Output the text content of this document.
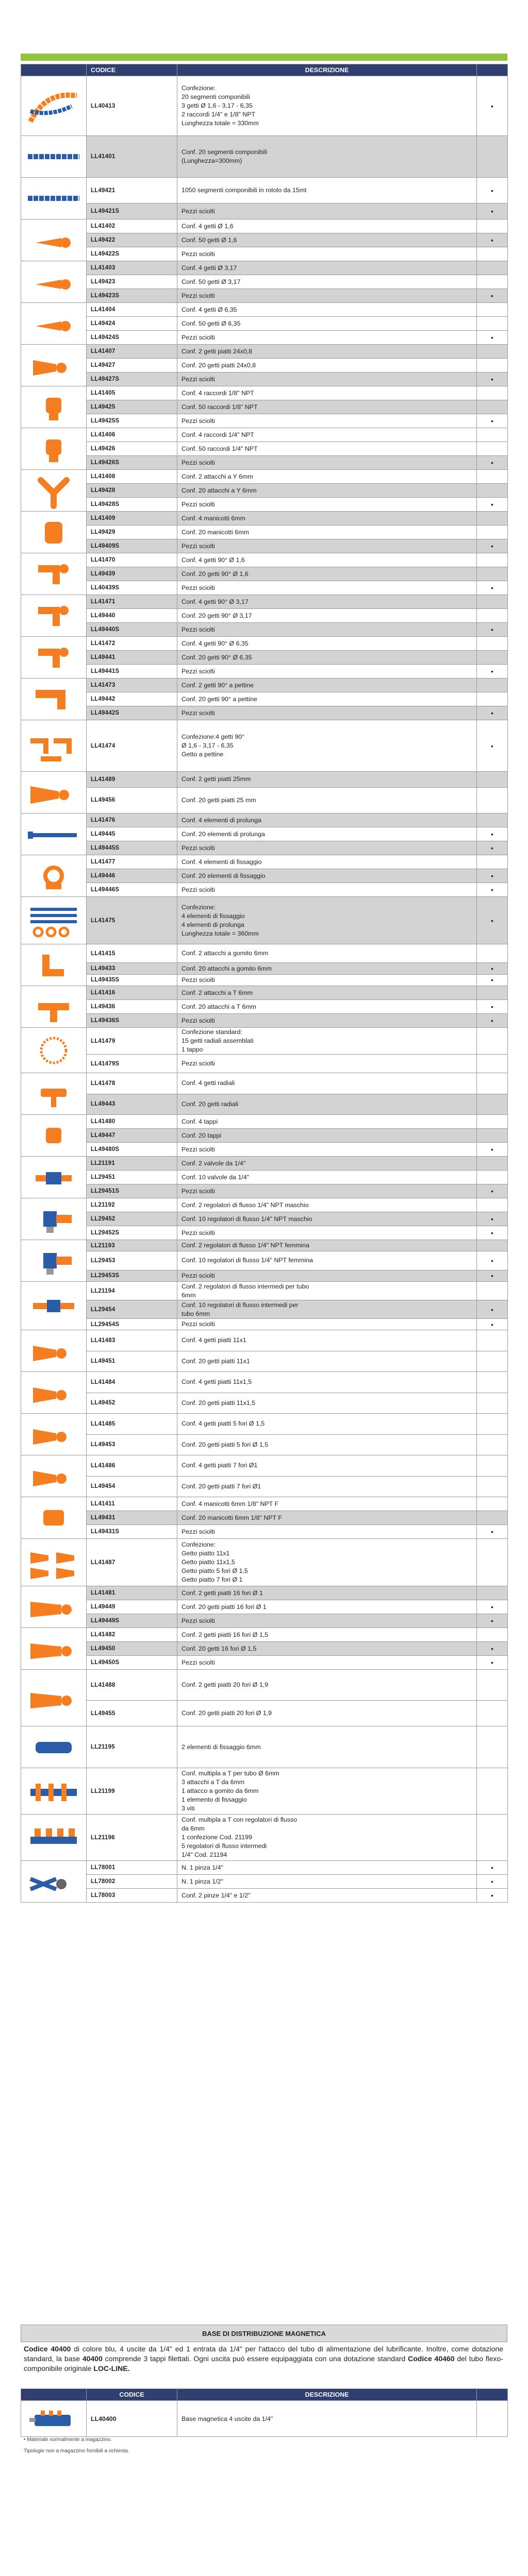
	CODICE	DESCRIZIONE	

	LL40413	Confezione:
20 segmenti componibili
3 getti Ø 1,6 - 3,17 - 6,35
2 raccordi 1/4" e 1/8" NPT
Lunghezza totale = 330mm	•

	LL41401	Conf. 20 segmenti componibili
(Lunghezza=300mm)	

	LL49421	1050 segmenti componibili in rotolo da 15mt	•
	LL49421S	Pezzi sciolti	•

	LL41402	Conf. 4 getti Ø 1,6	
	LL49422	Conf. 50 getti Ø 1,6	•
	LL49422S	Pezzi sciolti	

	LL41403	Conf. 4 getti Ø 3,17	
	LL49423	Conf. 50 getti Ø 3,17	
	LL49423S	Pezzi sciolti	•

	LL41404	Conf. 4 getti Ø 6,35	
	LL49424	Conf. 50 getti Ø 6,35	
	LL49424S	Pezzi sciolti	•

	LL41407	Conf. 2 getti piatti 24x0,8	
	LL49427	Conf. 20 getti piatti 24x0,8	
	LL49427S	Pezzi sciolti	•

	LL41405	Conf. 4 raccordi 1/8" NPT	
	LL49425	Conf. 50 raccordi 1/8" NPT	
	LL49425S	Pezzi sciolti	•

	LL41406	Conf. 4 raccordi 1/4" NPT	
	LL49426	Conf. 50 raccordi 1/4" NPT	
	LL49426S	Pezzi sciolti	•

	LL41408	Conf. 2 attacchi a Y 6mm	
	LL49428	Conf. 20 attacchi a Y 6mm	
	LL49428S	Pezzi sciolti	•

	LL41409	Conf. 4 manicotti 6mm	
	LL49429	Conf. 20 manicotti 6mm	
	LL49409S	Pezzi sciolti	•

	LL41470	Conf. 4 getti 90° Ø 1,6	
	LL49439	Conf. 20 getti 90° Ø 1,6	
	LL40439S	Pezzi sciolti	•

	LL41471	Conf. 4 getti 90° Ø 3,17	
	LL49440	Conf. 20 getti 90° Ø 3,17	
	LL49440S	Pezzi sciolti	•

	LL41472	Conf. 4 getti 90° Ø 6,35	
	LL49441	Conf. 20 getti 90° Ø 6,35	
	LL49441S	Pezzi sciolti	•

	LL41473	Conf. 2 getti 90° a pettine	
	LL49442	Conf. 20 getti 90° a pettine	
	LL49442S	Pezzi sciolti	•

	LL41474	Confezione:4 getti 90°
Ø 1,6 - 3,17 - 6,35
Getto a pettine	•

	LL41489	Conf. 2 getti piatti 25mm	
	LL49456	Conf. 20 getti piatti 25 mm	

	LL41476	Conf. 4 elementi di prolunga	
	LL49445	Conf. 20 elementi di prolunga	•
	LL49445S	Pezzi sciolti	•

	LL41477	Conf. 4 elementi di fissaggio	
	LL49446	Conf. 20 elementi di fissaggio	•
	LL49446S	Pezzi sciolti	•

	LL41475	Confezione:
4 elementi di fissaggio
4 elementi di prolunga
Lunghezza totale = 360mm	•

	LL41415	Conf. 2 attacchi a gomito 6mm	
	LL49433	Conf. 20 attacchi a gomito 6mm	•
	LL49435S	Pezzi sciolti	•

	LL41416	Conf. 2 attacchi a T 6mm	
	LL49436	Conf. 20 attacchi a T 6mm	•
	LL49436S	Pezzi sciolti	•

	LL41479	Confezione standard:
15 getti radiali assemblati
1 tappo	
	LL41479S	Pezzi sciolti	

	LL41478	Conf. 4 getti radiali	
	LL49443	Conf. 20 getti radiali	

	LL41480	Conf. 4 tappi	
	LL49447	Conf. 20 tappi	
	LL49480S	Pezzi sciolti	•

	LL21191	Conf. 2 valvole da 1/4"	
	LL29451	Conf. 10 valvole da 1/4"	
	LL29451S	Pezzi sciolti	•

	LL21192	Conf. 2 regolatori di flusso 1/4" NPT maschio	
	LL29452	Conf. 10 regolatori di flusso 1/4" NPT maschio	•
	LL29452S	Pezzi sciolti	•

	LL21193	Conf. 2 regolatori di flusso 1/4" NPT femmina	
	LL29453	Conf. 10 regolatori di flusso 1/4" NPT femmina	•
	LL29453S	Pezzi sciolti	•

	LL21194	Conf. 2 regolatori di flusso intermedi per tubo
6mm	
	LL29454	Conf. 10 regolatori di flusso intermedi per
tubo 6mm	•
	LL29454S	Pezzi sciolti	•

	LL41483	Conf. 4 getti piatti 11x1	
	LL49451	Conf. 20 getti piatti 11x1	

	LL41484	Conf. 4 getti piatti 11x1,5	
	LL49452	Conf. 20 getti piatti 11x1,5	

	LL41485	Conf. 4 getti piatti 5 fori Ø 1,5	
	LL49453	Conf. 20 getti piatti 5 fori Ø 1,5	

	LL41486	Conf. 4 getti piatti 7 fori Ø1	
	LL49454	Conf. 20 getti piatti 7 fori Ø1	

	LL41411	Conf. 4 manicotti 6mm 1/8" NPT F	
	LL49431	Conf. 20 manicotti 6mm 1/8" NPT F	
	LL49431S	Pezzi sciolti	•

	LL41487	Confezione:
Getto piatto 11x1
Getto piatto 11x1,5
Getto piatto 5 fori Ø 1,5
Getto piatto 7 fori Ø 1	

	LL41481	Conf. 2 getti piatti 16 fori Ø 1	
	LL49449	Conf. 20 getti piatti 16 fori Ø 1	•
	LL49449S	Pezzi sciolti	•

	LL41482	Conf. 2 getti piatti 16 fori Ø 1,5	
	LL49450	Conf. 20 getti 16 fori Ø 1,5	•
	LL49450S	Pezzi sciolti	•

	LL41488	Conf. 2 getti piatti 20 fori Ø 1,9	
	LL49455	Conf. 20 getti piatti 20 fori Ø 1,9	

	LL21195	2 elementi di fissaggio 6mm	

	LL21199	Conf. multipla a T per tubo Ø 6mm
3 attacchi a T da 6mm
1 attacco a gomito da 6mm
1 elemento di fissaggio
3 viti	

	LL21196	Conf. multipla a T con regolatori di flusso
da 6mm
1 confezione Cod. 21199
5 regolatori di flusso intermedi
1/4" Cod. 21194	

	LL78001	N. 1 pinza 1/4"	•
	LL78002	N. 1 pinza 1/2"	•
	LL78003	Conf. 2 pinze 1/4" e 1/2"	•
BASE DI DISTRIBUZIONE MAGNETICA
Codice 40400 di colore blu, 4 uscite da 1/4" ed 1 entrata da 1/4" per l'attacco del tubo di alimentazione del lubrificante. Inoltre, come dotazione standard, la base 40400 comprende 3 tappi filettati. Ogni uscita può essere equipaggiata con una dotazione standard Codice 40460 del tubo flexo-componibile originale LOC-LINE.
	CODICE	DESCRIZIONE	

	LL40400	Base magnetica 4 uscite da 1/4"	
• Materiale normalmente a magazzino.
Tipologie non a magazzino fornibili a richiesta.
